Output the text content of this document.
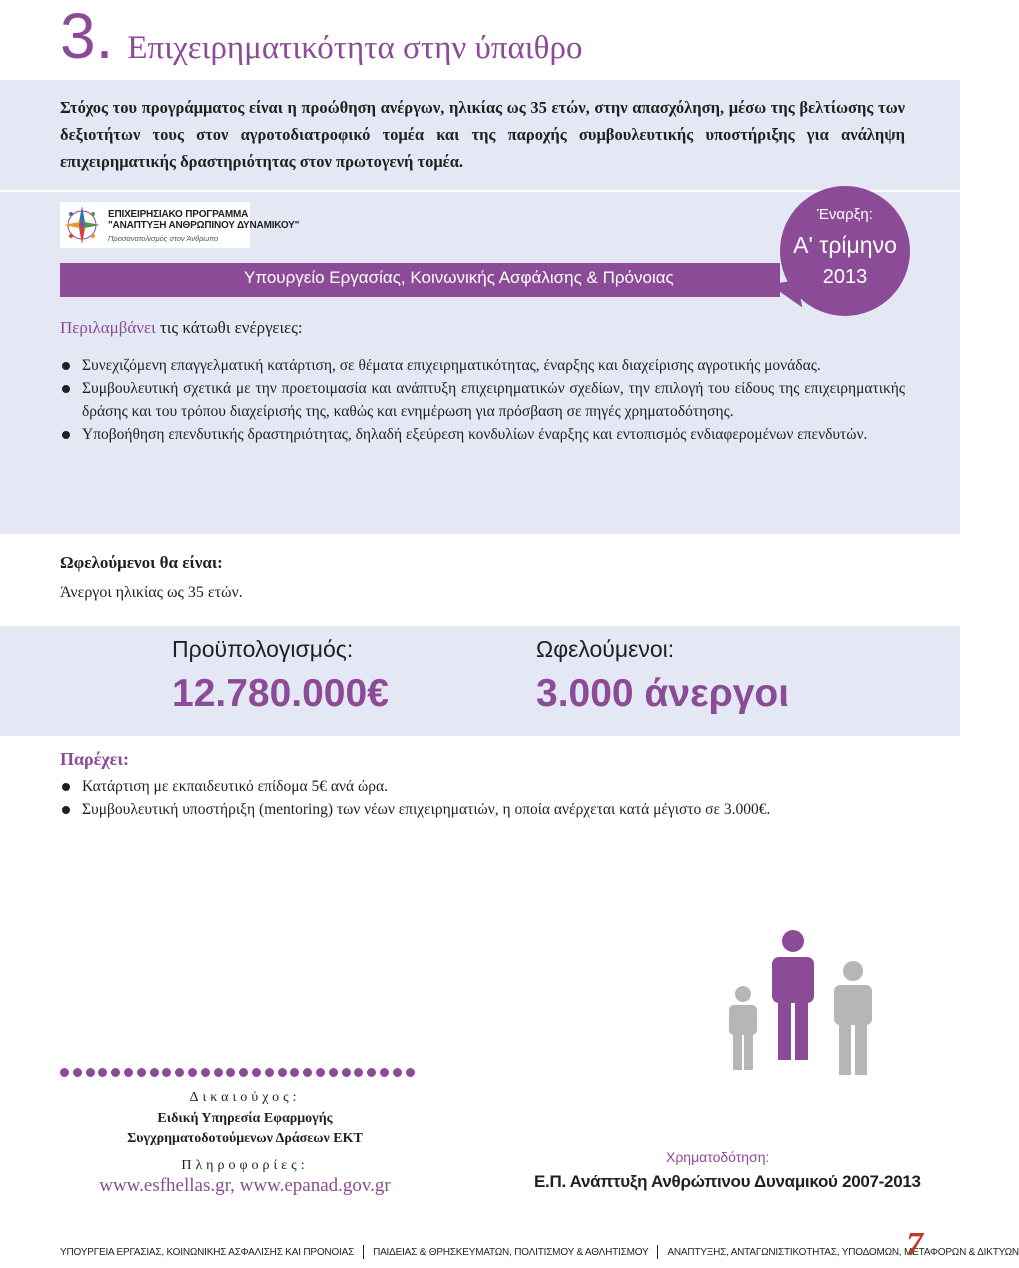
3. Επιχειρηματικότητα στην ύπαιθρο

Στόχος του προγράμματος είναι η προώθηση ανέργων, ηλικίας ως 35 ετών, στην απασχόληση, μέσω της βελτίωσης των δεξιοτήτων τους στον αγροτοδιατροφικό τομέα και της παροχής συμβουλευτικής υποστήριξης για ανάληψη επιχειρηματικής δραστηριότητας στον πρωτογενή τομέα.

ΕΠΙΧΕΙΡΗΣΙΑΚΟ ΠΡΟΓΡΑΜΜΑ
"ΑΝΑΠΤΥΞΗ ΑΝΘΡΩΠΙΝΟΥ ΔΥΝΑΜΙΚΟΥ"
Προσανατολισμός στον Άνθρωπο
Υπουργείο Εργασίας, Κοινωνικής Ασφάλισης & Πρόνοιας
Έναρξη:
Α' τρίμηνο
2013
Περιλαμβάνει τις κάτωθι ενέργειες:
Συνεχιζόμενη επαγγελματική κατάρτιση, σε θέματα επιχειρηματικότητας, έναρξης και διαχείρισης αγροτικής μονάδας.
Συμβουλευτική σχετικά με την προετοιμασία και ανάπτυξη επιχειρηματικών σχεδίων, την επιλογή του είδους της επιχειρηματικής δράσης και του τρόπου διαχείρισής της, καθώς και ενημέρωση για πρόσβαση σε πηγές χρηματοδότησης.
Υποβοήθηση επενδυτικής δραστηριότητας, δηλαδή εξεύρεση κονδυλίων έναρξης και εντοπισμός ενδιαφερομένων επενδυτών.
Ωφελούμενοι θα είναι:
Άνεργοι ηλικίας ως 35 ετών.
Προϋπολογισμός:
12.780.000€
Ωφελούμενοι:
3.000 άνεργοι
Παρέχει:
Κατάρτιση με εκπαιδευτικό επίδομα 5€ ανά ώρα.
Συμβουλευτική υποστήριξη (mentoring) των νέων επιχειρηματιών, η οποία ανέρχεται κατά μέγιστο σε 3.000€.
Δικαιούχος:
Ειδική Υπηρεσία Εφαρμογής
Συγχρηματοδοτούμενων Δράσεων ΕΚΤ
Πληροφορίες:
www.esfhellas.gr, www.epanad.gov.gr
Χρηματοδότηση:
Ε.Π. Ανάπτυξη Ανθρώπινου Δυναμικού 2007-2013
ΥΠΟΥΡΓΕΙΑ ΕΡΓΑΣΙΑΣ, ΚΟΙΝΩΝΙΚΗΣ ΑΣΦΑΛΙΣΗΣ ΚΑΙ ΠΡΟΝΟΙΑΣ ΠΑΙΔΕΙΑΣ & ΘΡΗΣΚΕΥΜΑΤΩΝ, ΠΟΛΙΤΙΣΜΟΥ & ΑΘΛΗΤΙΣΜΟΥ ΑΝΑΠΤΥΞΗΣ, ΑΝΤΑΓΩΝΙΣΤΙΚΟΤΗΤΑΣ, ΥΠΟΔΟΜΩΝ, ΜΕΤΑΦΟΡΩΝ & ΔΙΚΤΥΩΝ
7
